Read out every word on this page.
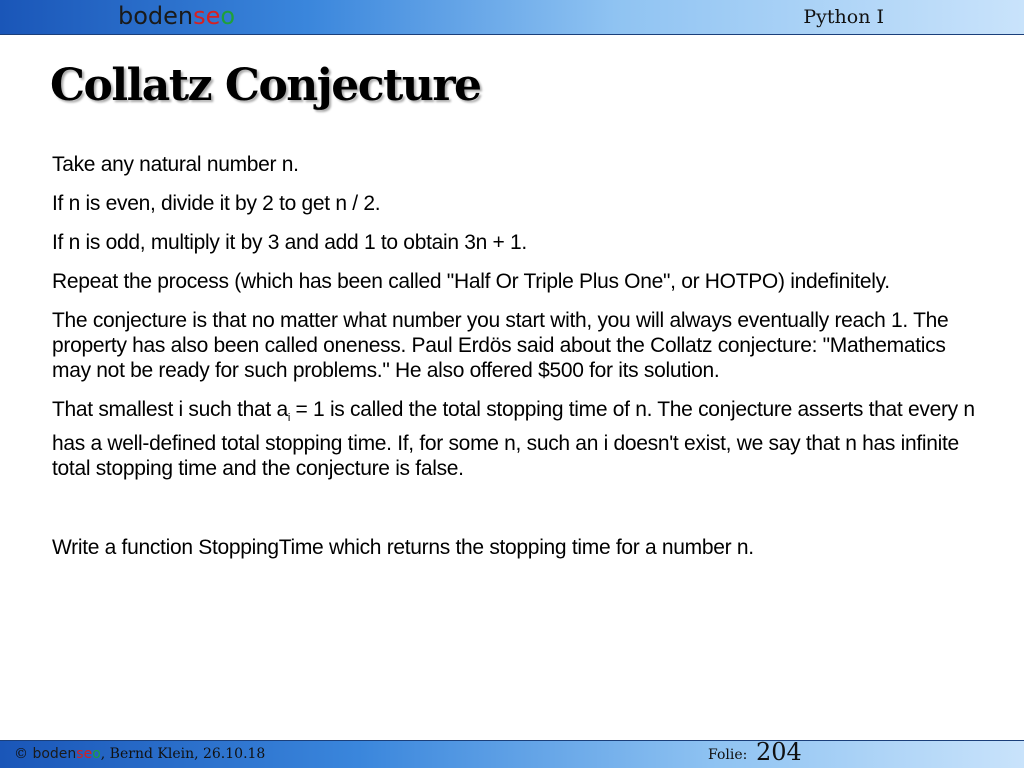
bodenseo	Python I
Collatz Conjecture

Take any natural number n.

If n is even, divide it by 2 to get n / 2.

If n is odd, multiply it by 3 and add 1 to obtain 3n + 1.

Repeat the process (which has been called "Half Or Triple Plus One", or HOTPO) indefinitely.

The conjecture is that no matter what number you start with, you will always eventually reach 1. The property has also been called oneness. Paul Erdös said about the Collatz conjecture: "Mathematics may not be ready for such problems." He also offered $500 for its solution.

That smallest i such that $a_i = 1$ is called the total stopping time of n. The conjecture asserts that every n has a well-defined total stopping time. If, for some n, such an i doesn't exist, we say that n has infinite total stopping time and the conjecture is false.

Write a function StoppingTime which returns the stopping time for a number n.

© bodenseo, Bernd Klein, 26.10.18	Folie: 204
